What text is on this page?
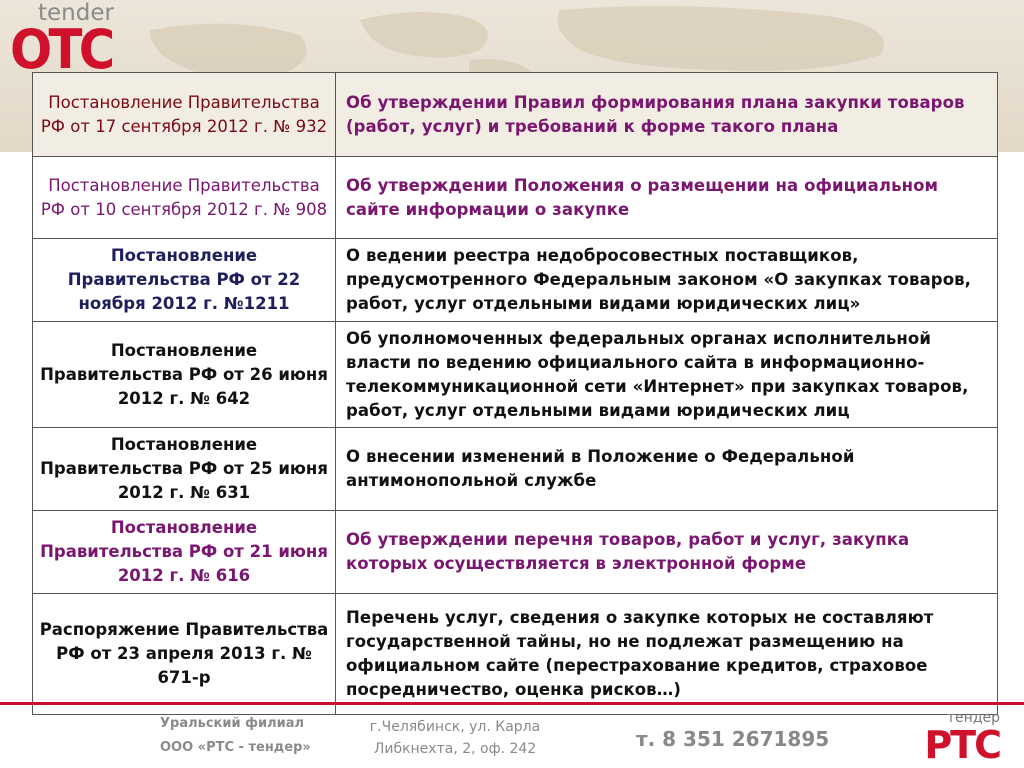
tender
OTC
Постановление Правительства РФ от 17 сентября 2012 г. № 932	Об утверждении Правил формирования плана закупки товаров (работ, услуг) и требований к форме такого плана
Постановление Правительства РФ от 10 сентября 2012 г. № 908	Об утверждении Положения о размещении на официальном сайте информации о закупке
Постановление Правительства РФ от 22 ноября 2012 г. №1211	О ведении реестра недобросовестных поставщиков, предусмотренного Федеральным законом «О закупках товаров, работ, услуг отдельными видами юридических лиц»
Постановление Правительства РФ от 26 июня 2012 г. № 642	Об уполномоченных федеральных органах исполнительной власти по ведению официального сайта в информационно-телекоммуникационной сети «Интернет» при закупках товаров, работ, услуг отдельными видами юридических лиц
Постановление Правительства РФ от 25 июня 2012 г. № 631	О внесении изменений в Положение о Федеральной антимонопольной службе
Постановление Правительства РФ от 21 июня 2012 г. № 616	Об утверждении перечня товаров, работ и услуг, закупка которых осуществляется в электронной форме
Распоряжение Правительства РФ от 23 апреля 2013 г. № 671-р	Перечень услуг, сведения о закупке которых не составляют государственной тайны, но не подлежат размещению на официальном сайте (перестрахование кредитов, страховое посредничество, оценка рисков…)
Уральский филиал
ООО «РТС - тендер»
г.Челябинск, ул. Карла
Либкнехта, 2, оф. 242	т. 8 351 2671895
тендер
РТС
